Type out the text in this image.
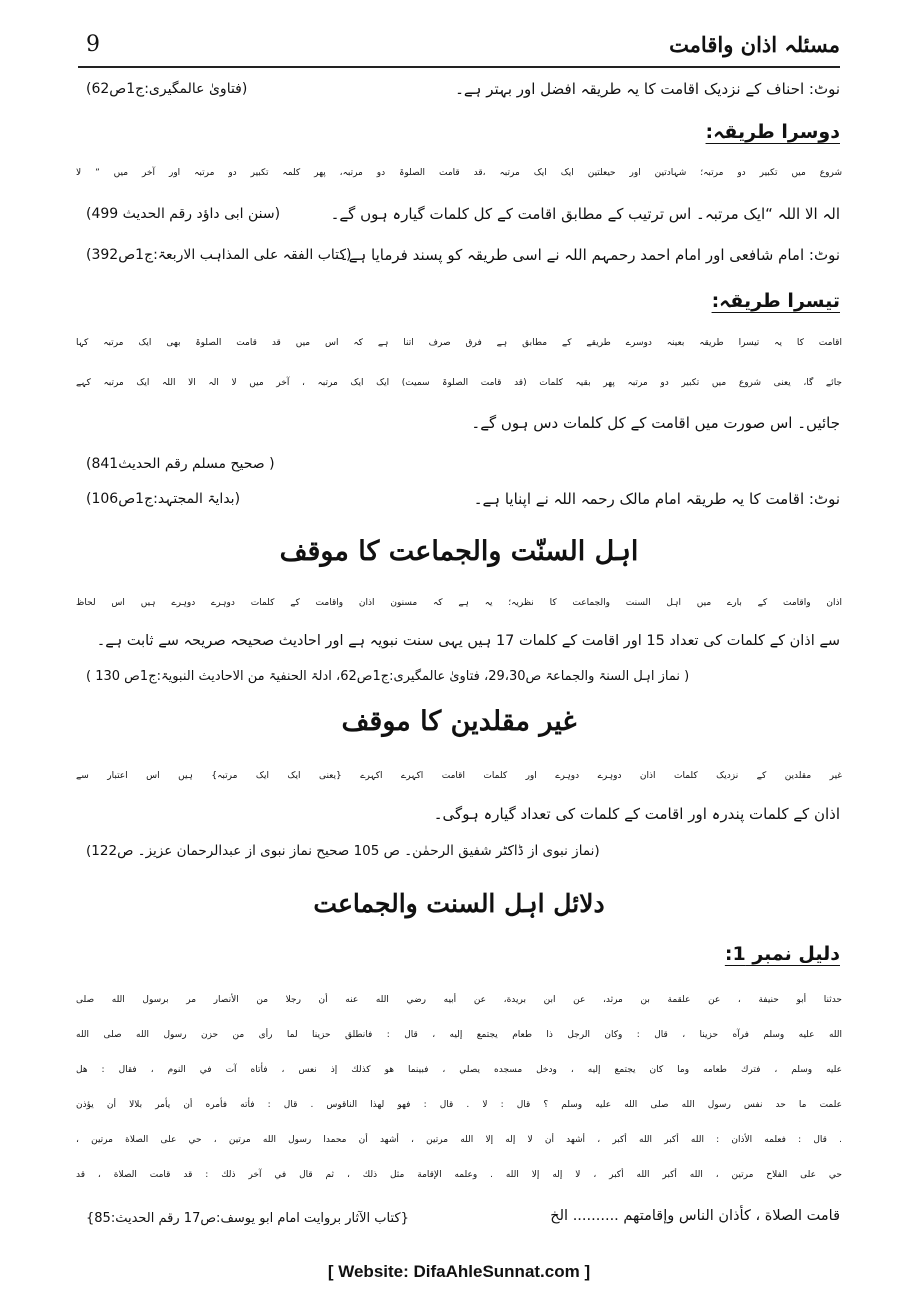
مسئلہ اذان واقامت
9
نوٹ: احناف کے نزدیک اقامت کا یہ طریقہ افضل اور بہتر ہے۔
(فتاویٰ عالمگیری:ج1ص62)
دوسرا طریقہ:
شروع میں تکبیر دو مرتبہ؛ شہادتین اور حیعلتین ایک ایک مرتبہ ،قد قامت الصلوۃ دو مرتبہ، پھر کلمہ تکبیر دو مرتبہ اور آخر میں ” لا
الہ الا اللہ “ایک مرتبہ۔ اس ترتیب کے مطابق اقامت کے کل کلمات گیارہ ہوں گے۔
(سنن ابی داؤد رقم الحدیث 499)
نوٹ: امام شافعی اور امام احمد رحمہم اللہ نے اسی طریقہ کو پسند فرمایا ہے۔
(کتاب الفقہ علی المذاہب الاربعۃ:ج1ص392)
تیسرا طریقہ:
اقامت کا یہ تیسرا طریقہ بعینہ دوسرے طریقے کے مطابق ہے فرق صرف اتنا ہے کہ اس میں قد قامت الصلوۃ بھی ایک مرتبہ کہا
جائے گا، یعنی شروع میں تکبیر دو مرتبہ پھر بقیہ کلمات (قد قامت الصلوۃ سمیت) ایک ایک مرتبہ ، آخر میں لا الہ الا اللہ ایک مرتبہ کہے
جائیں۔ اس صورت میں اقامت کے کل کلمات دس ہوں گے۔
( صحیح مسلم رقم الحدیث841)
نوٹ: اقامت کا یہ طریقہ امام مالک رحمہ اللہ نے اپنایا ہے۔
(بدایۃ المجتہد:ج1ص106)
اہل السنّت والجماعت کا موقف
اذان واقامت کے بارے میں اہل السنت والجماعت کا نظریہ؛ یہ ہے کہ مسنون اذان واقامت کے کلمات دوہرے دوہرے ہیں اس لحاظ
سے اذان کے کلمات کی تعداد 15 اور اقامت کے کلمات 17 ہیں یہی سنت نبویہ ہے اور احادیث صحیحہ صریحہ سے ثابت ہے۔
( نماز اہل السنۃ والجماعۃ ص29،30، فتاویٰ عالمگیری:ج1ص62، ادلۃ الحنفیۃ من الاحادیث النبویۃ:ج1ص 130 )
غیر مقلدین کا موقف
غیر مقلدین کے نزدیک کلمات اذان دوہرے دوہرے اور کلمات اقامت اکہرے اکہرے {یعنی ایک ایک مرتبہ} ہیں اس اعتبار سے
اذان کے کلمات پندرہ اور اقامت کے کلمات کی تعداد گیارہ ہوگی۔
(نماز نبوی از ڈاکٹر شفیق الرحمٰن۔ ص 105 صحیح نماز نبوی از عبدالرحمان عزیز۔ ص122)
دلائل اہل السنت والجماعت
دلیل نمبر 1:
حدثنا أبو حنيفة ، عن علقمة بن مرثد، عن ابن بريدة، عن أبيه رضي الله عنه أن رجلا من الأنصار مر برسول الله صلى
الله عليه وسلم فرآه حزينا ، قال : وكان الرجل ذا طعام يجتمع إليه ، قال : فانطلق حزينا لما رأى من حزن رسول الله صلى الله
عليه وسلم ، فترك طعامه وما كان يجتمع إليه ، ودخل مسجده يصلي ، فبينما هو كذلك إذ نعس ، فأتاه آت في النوم ، فقال : هل
علمت ما حد نفس رسول الله صلى الله عليه وسلم ؟ قال : لا . قال : فهو لهذا الناقوس . قال : فأته فأمره أن يأمر بلالا أن يؤذن
. قال : فعلمه الأذان : الله أكبر الله أكبر ، أشهد أن لا إله إلا الله مرتين ، أشهد أن محمدا رسول الله مرتين ، حي على الصلاة مرتين ،
حي على الفلاح مرتين ، الله أكبر الله أكبر ، لا إله إلا الله . وعلمه الإقامة مثل ذلك ، ثم قال في آخر ذلك : قد قامت الصلاة ، قد
قامت الصلاة ، كأذان الناس وإقامتهم .......... الخ
{کتاب الآثار بروایت امام ابو یوسف:ص17 رقم الحدیث:85}
[ Website: DifaAhleSunnat.com ]
